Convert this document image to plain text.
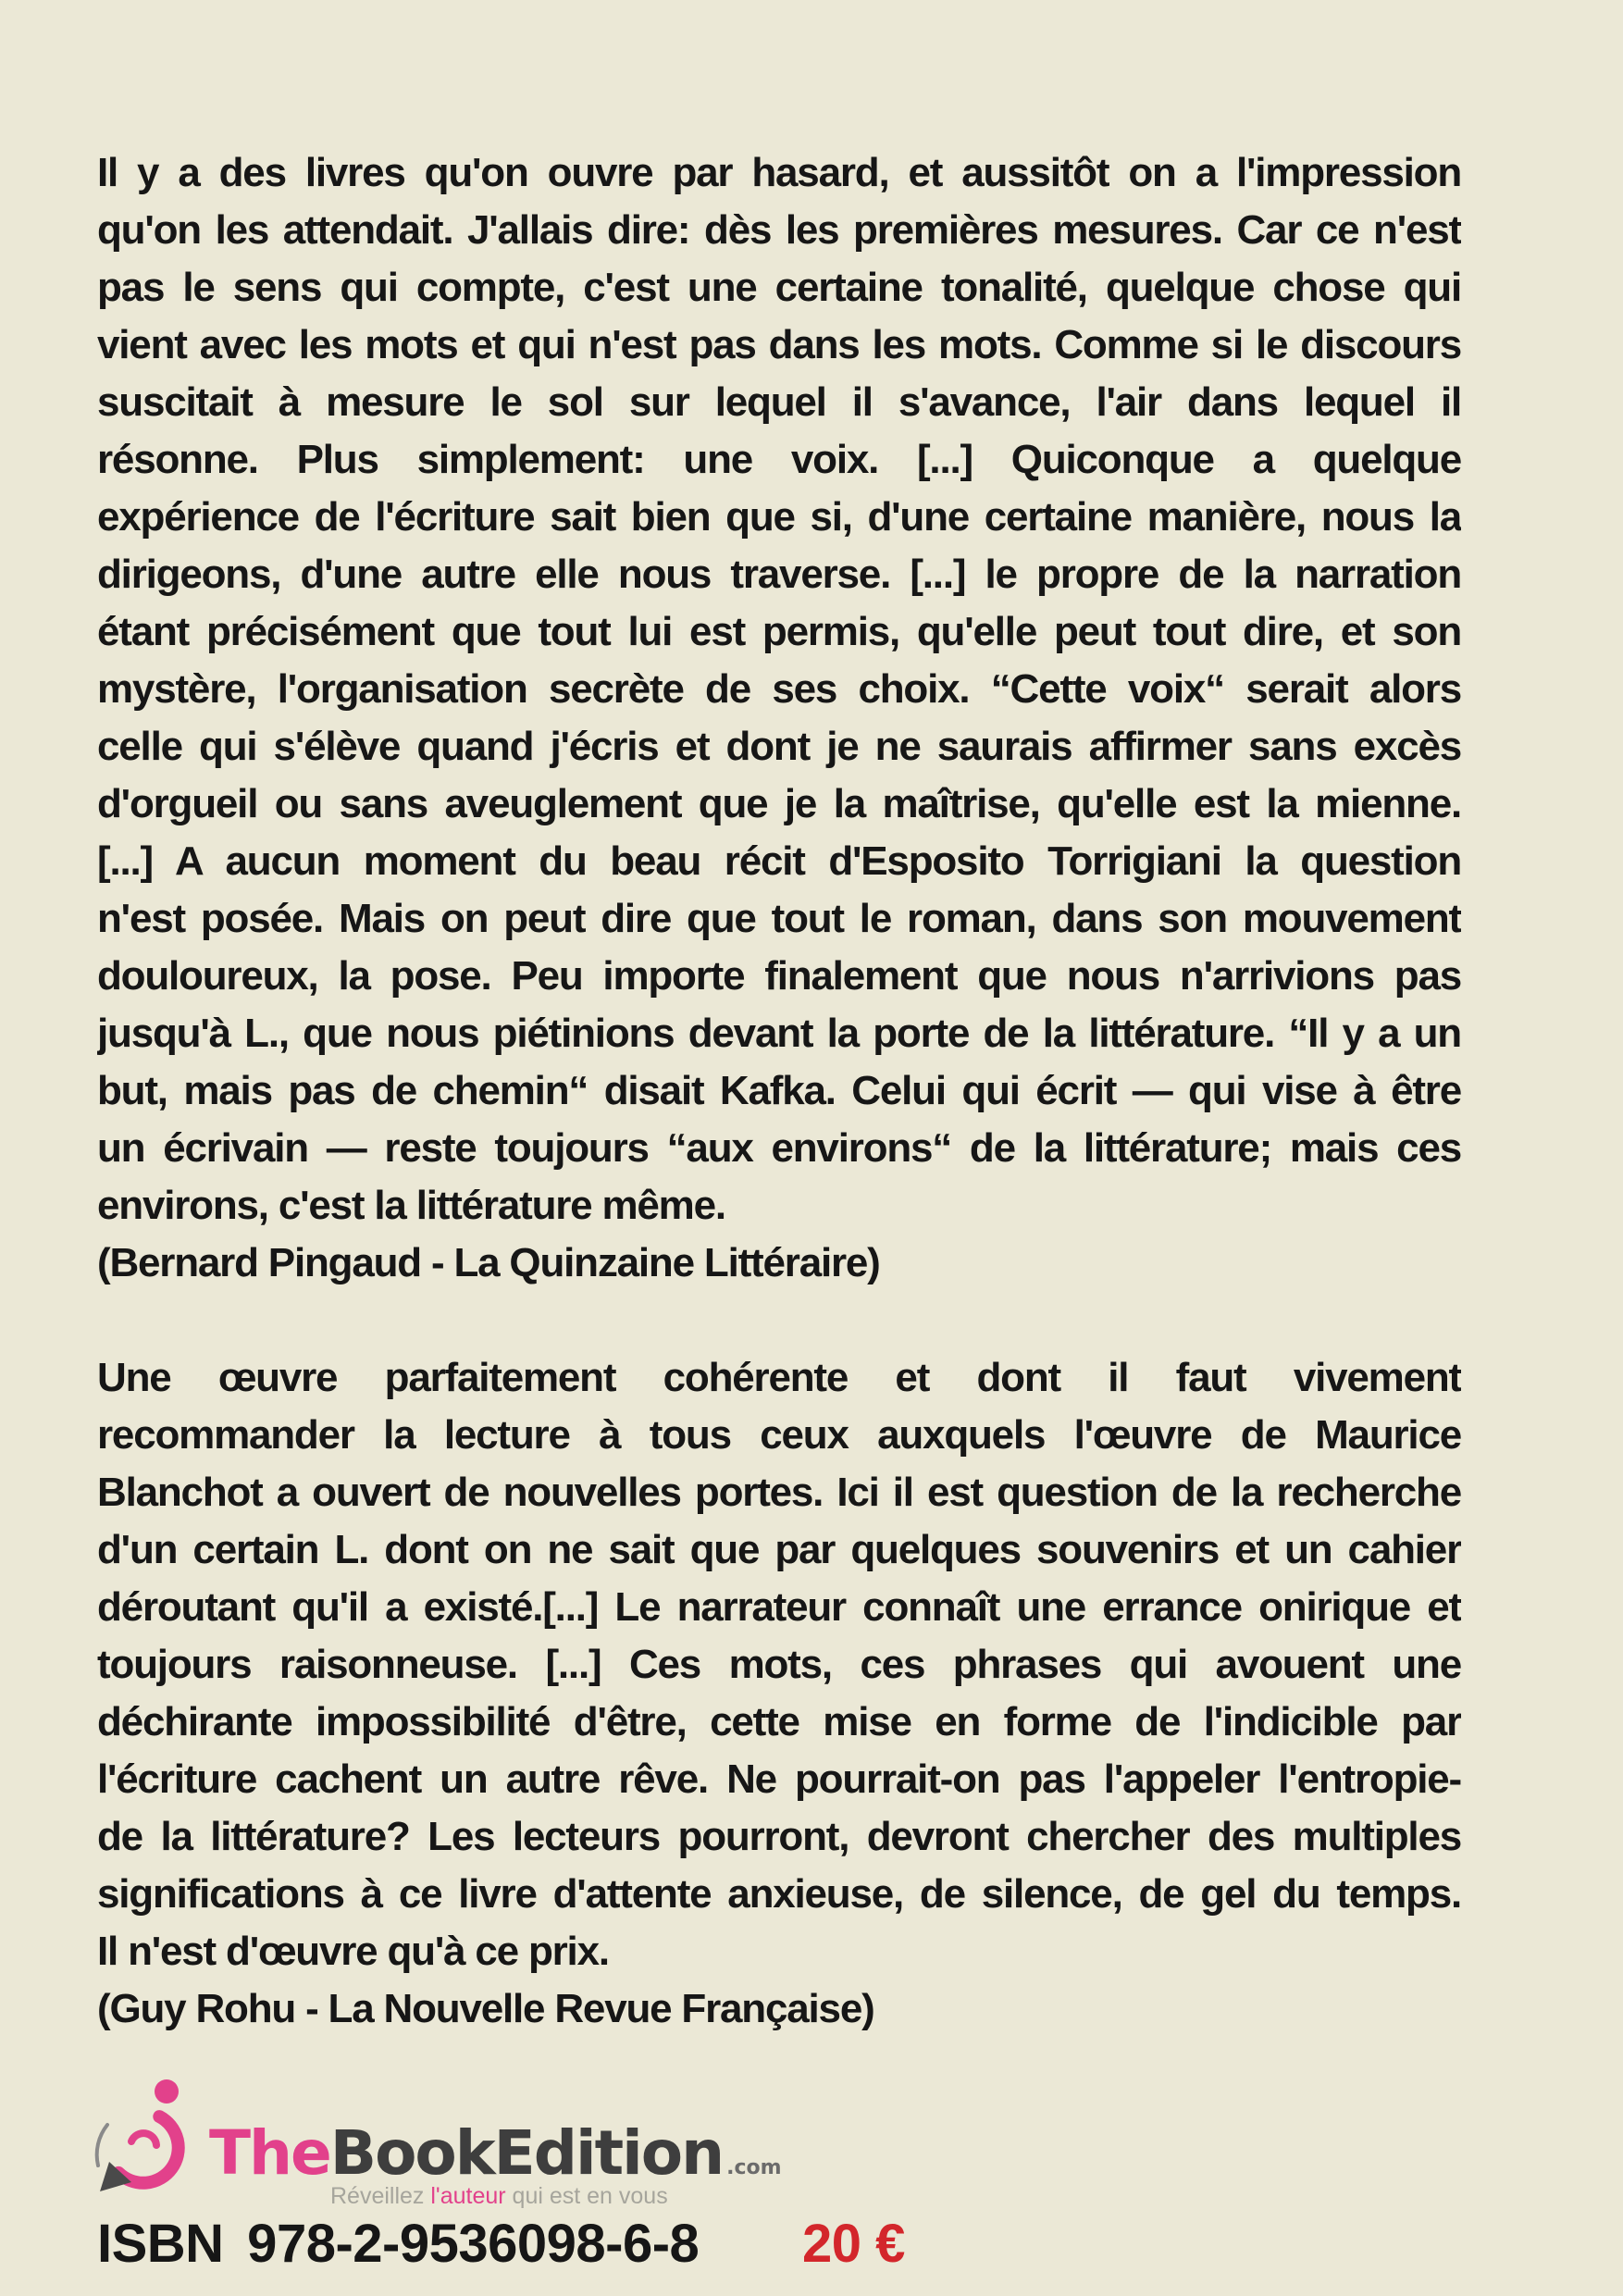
Il y a des livres qu'on ouvre par hasard, et aussitôt on a l'impression
qu'on les attendait. J'allais dire: dès les premières mesures. Car ce n'est
pas le sens qui compte, c'est une certaine tonalité, quelque chose qui
vient avec les mots et qui n'est pas dans les mots. Comme si le discours
suscitait à mesure le sol sur lequel il s'avance, l'air dans lequel il
résonne. Plus simplement: une voix. [...] Quiconque a quelque
expérience de l'écriture sait bien que si, d'une certaine manière, nous la
dirigeons, d'une autre elle nous traverse. [...] le propre de la narration
étant précisément que tout lui est permis, qu'elle peut tout dire, et son
mystère, l'organisation secrète de ses choix. “Cette voix“ serait alors
celle qui s'élève quand j'écris et dont je ne saurais affirmer sans excès
d'orgueil ou sans aveuglement que je la maîtrise, qu'elle est la mienne.
[...] A aucun moment du beau récit d'Esposito Torrigiani la question
n'est posée. Mais on peut dire que tout le roman, dans son mouvement
douloureux, la pose. Peu importe finalement que nous n'arrivions pas
jusqu'à L., que nous piétinions devant la porte de la littérature. “Il y a un
but, mais pas de chemin“ disait Kafka. Celui qui écrit — qui vise à être
un écrivain — reste toujours “aux environs“ de la littérature; mais ces
environs, c'est la littérature même.
(Bernard Pingaud - La Quinzaine Littéraire)
Une œuvre parfaitement cohérente et dont il faut vivement
recommander la lecture à tous ceux auxquels l'œuvre de Maurice
Blanchot a ouvert de nouvelles portes. Ici il est question de la recherche
d'un certain L. dont on ne sait que par quelques souvenirs et un cahier
déroutant qu'il a existé.[...] Le narrateur connaît une errance onirique et
toujours raisonneuse. [...] Ces mots, ces phrases qui avouent une
déchirante impossibilité d'être, cette mise en forme de l'indicible par
l'écriture cachent un autre rêve. Ne pourrait-on pas l'appeler l'entropie-
de la littérature? Les lecteurs pourront, devront chercher des multiples
significations à ce livre d'attente anxieuse, de silence, de gel du temps.
Il n'est d'œuvre qu'à ce prix.
(Guy Rohu - La Nouvelle Revue Française)
TheBookEdition .com
Réveillez l'auteur qui est en vous
ISBN 978-2-9536098-6-8 20 €
